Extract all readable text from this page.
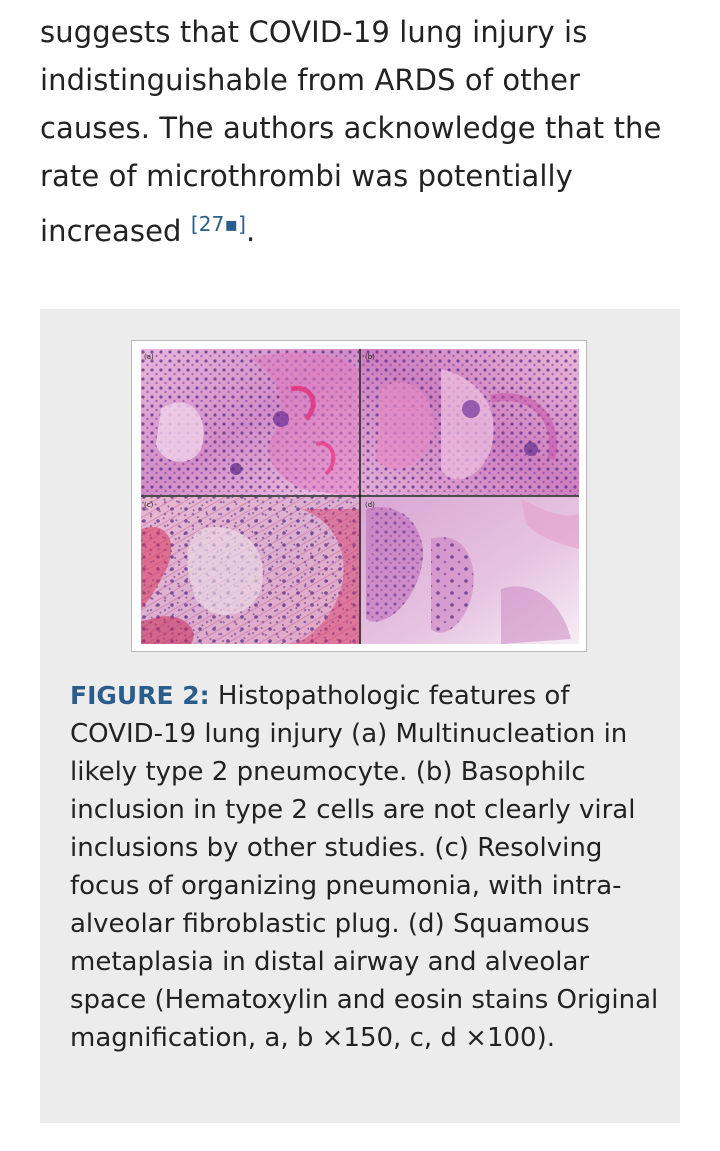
suggests that COVID-19 lung injury is indistinguishable from ARDS of other causes. The authors acknowledge that the rate of microthrombi was potentially increased [27▪].

(a)	(b)
(c)	(d)
FIGURE 2: Histopathologic features of COVID-19 lung injury (a) Multinucleation in likely type 2 pneumocyte. (b) Basophilc inclusion in type 2 cells are not clearly viral inclusions by other studies. (c) Resolving focus of organizing pneumonia, with intra-alveolar fibroblastic plug. (d) Squamous metaplasia in distal airway and alveolar space (Hematoxylin and eosin stains Original magnification, a, b ×150, c, d ×100).
